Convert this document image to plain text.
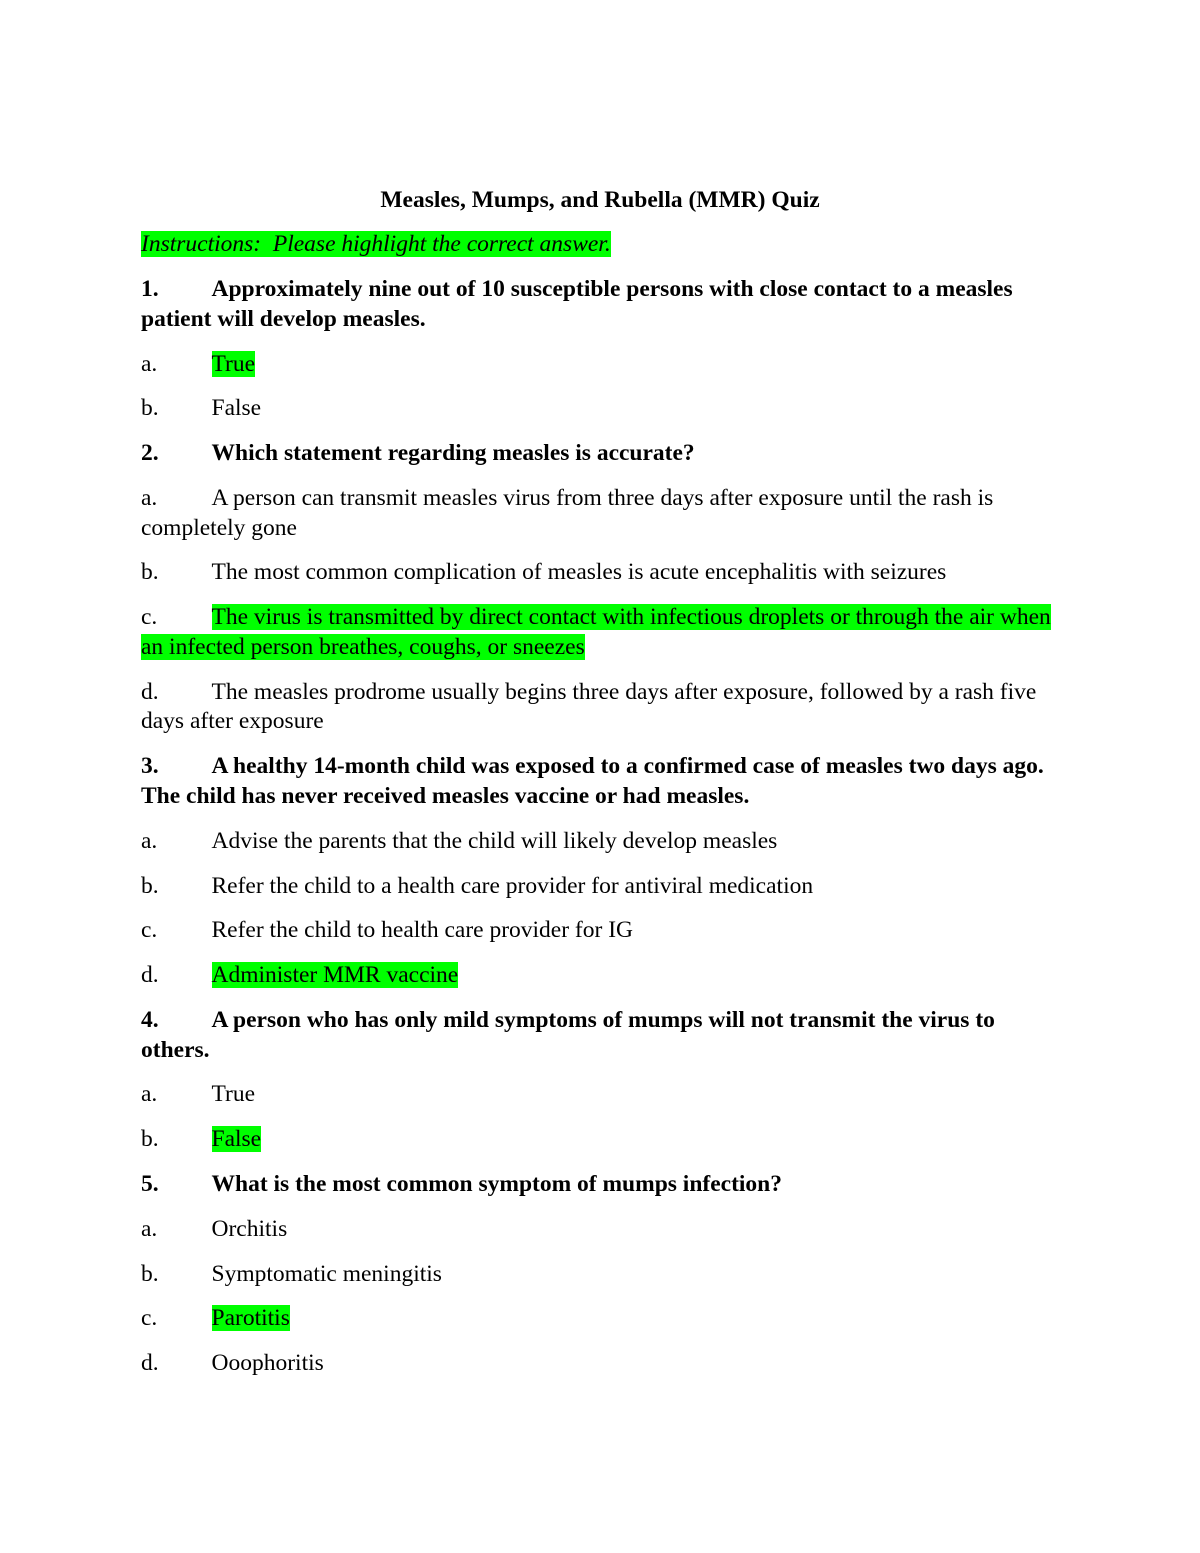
Measles, Mumps, and Rubella (MMR) Quiz

Instructions:  Please highlight the correct answer.

1. Approximately nine out of 10 susceptible persons with close contact to a measles patient will develop measles.

a. True

b. False

2. Which statement regarding measles is accurate?

a. A person can transmit measles virus from three days after exposure until the rash is completely gone

b. The most common complication of measles is acute encephalitis with seizures

c. The virus is transmitted by direct contact with infectious droplets or through the air when an infected person breathes, coughs, or sneezes

d. The measles prodrome usually begins three days after exposure, followed by a rash five days after exposure

3. A healthy 14-month child was exposed to a confirmed case of measles two days ago. The child has never received measles vaccine or had measles.

a. Advise the parents that the child will likely develop measles

b. Refer the child to a health care provider for antiviral medication

c. Refer the child to health care provider for IG

d. Administer MMR vaccine

4. A person who has only mild symptoms of mumps will not transmit the virus to others.

a. True

b. False

5. What is the most common symptom of mumps infection?

a. Orchitis

b. Symptomatic meningitis

c. Parotitis

d. Ooophoritis
